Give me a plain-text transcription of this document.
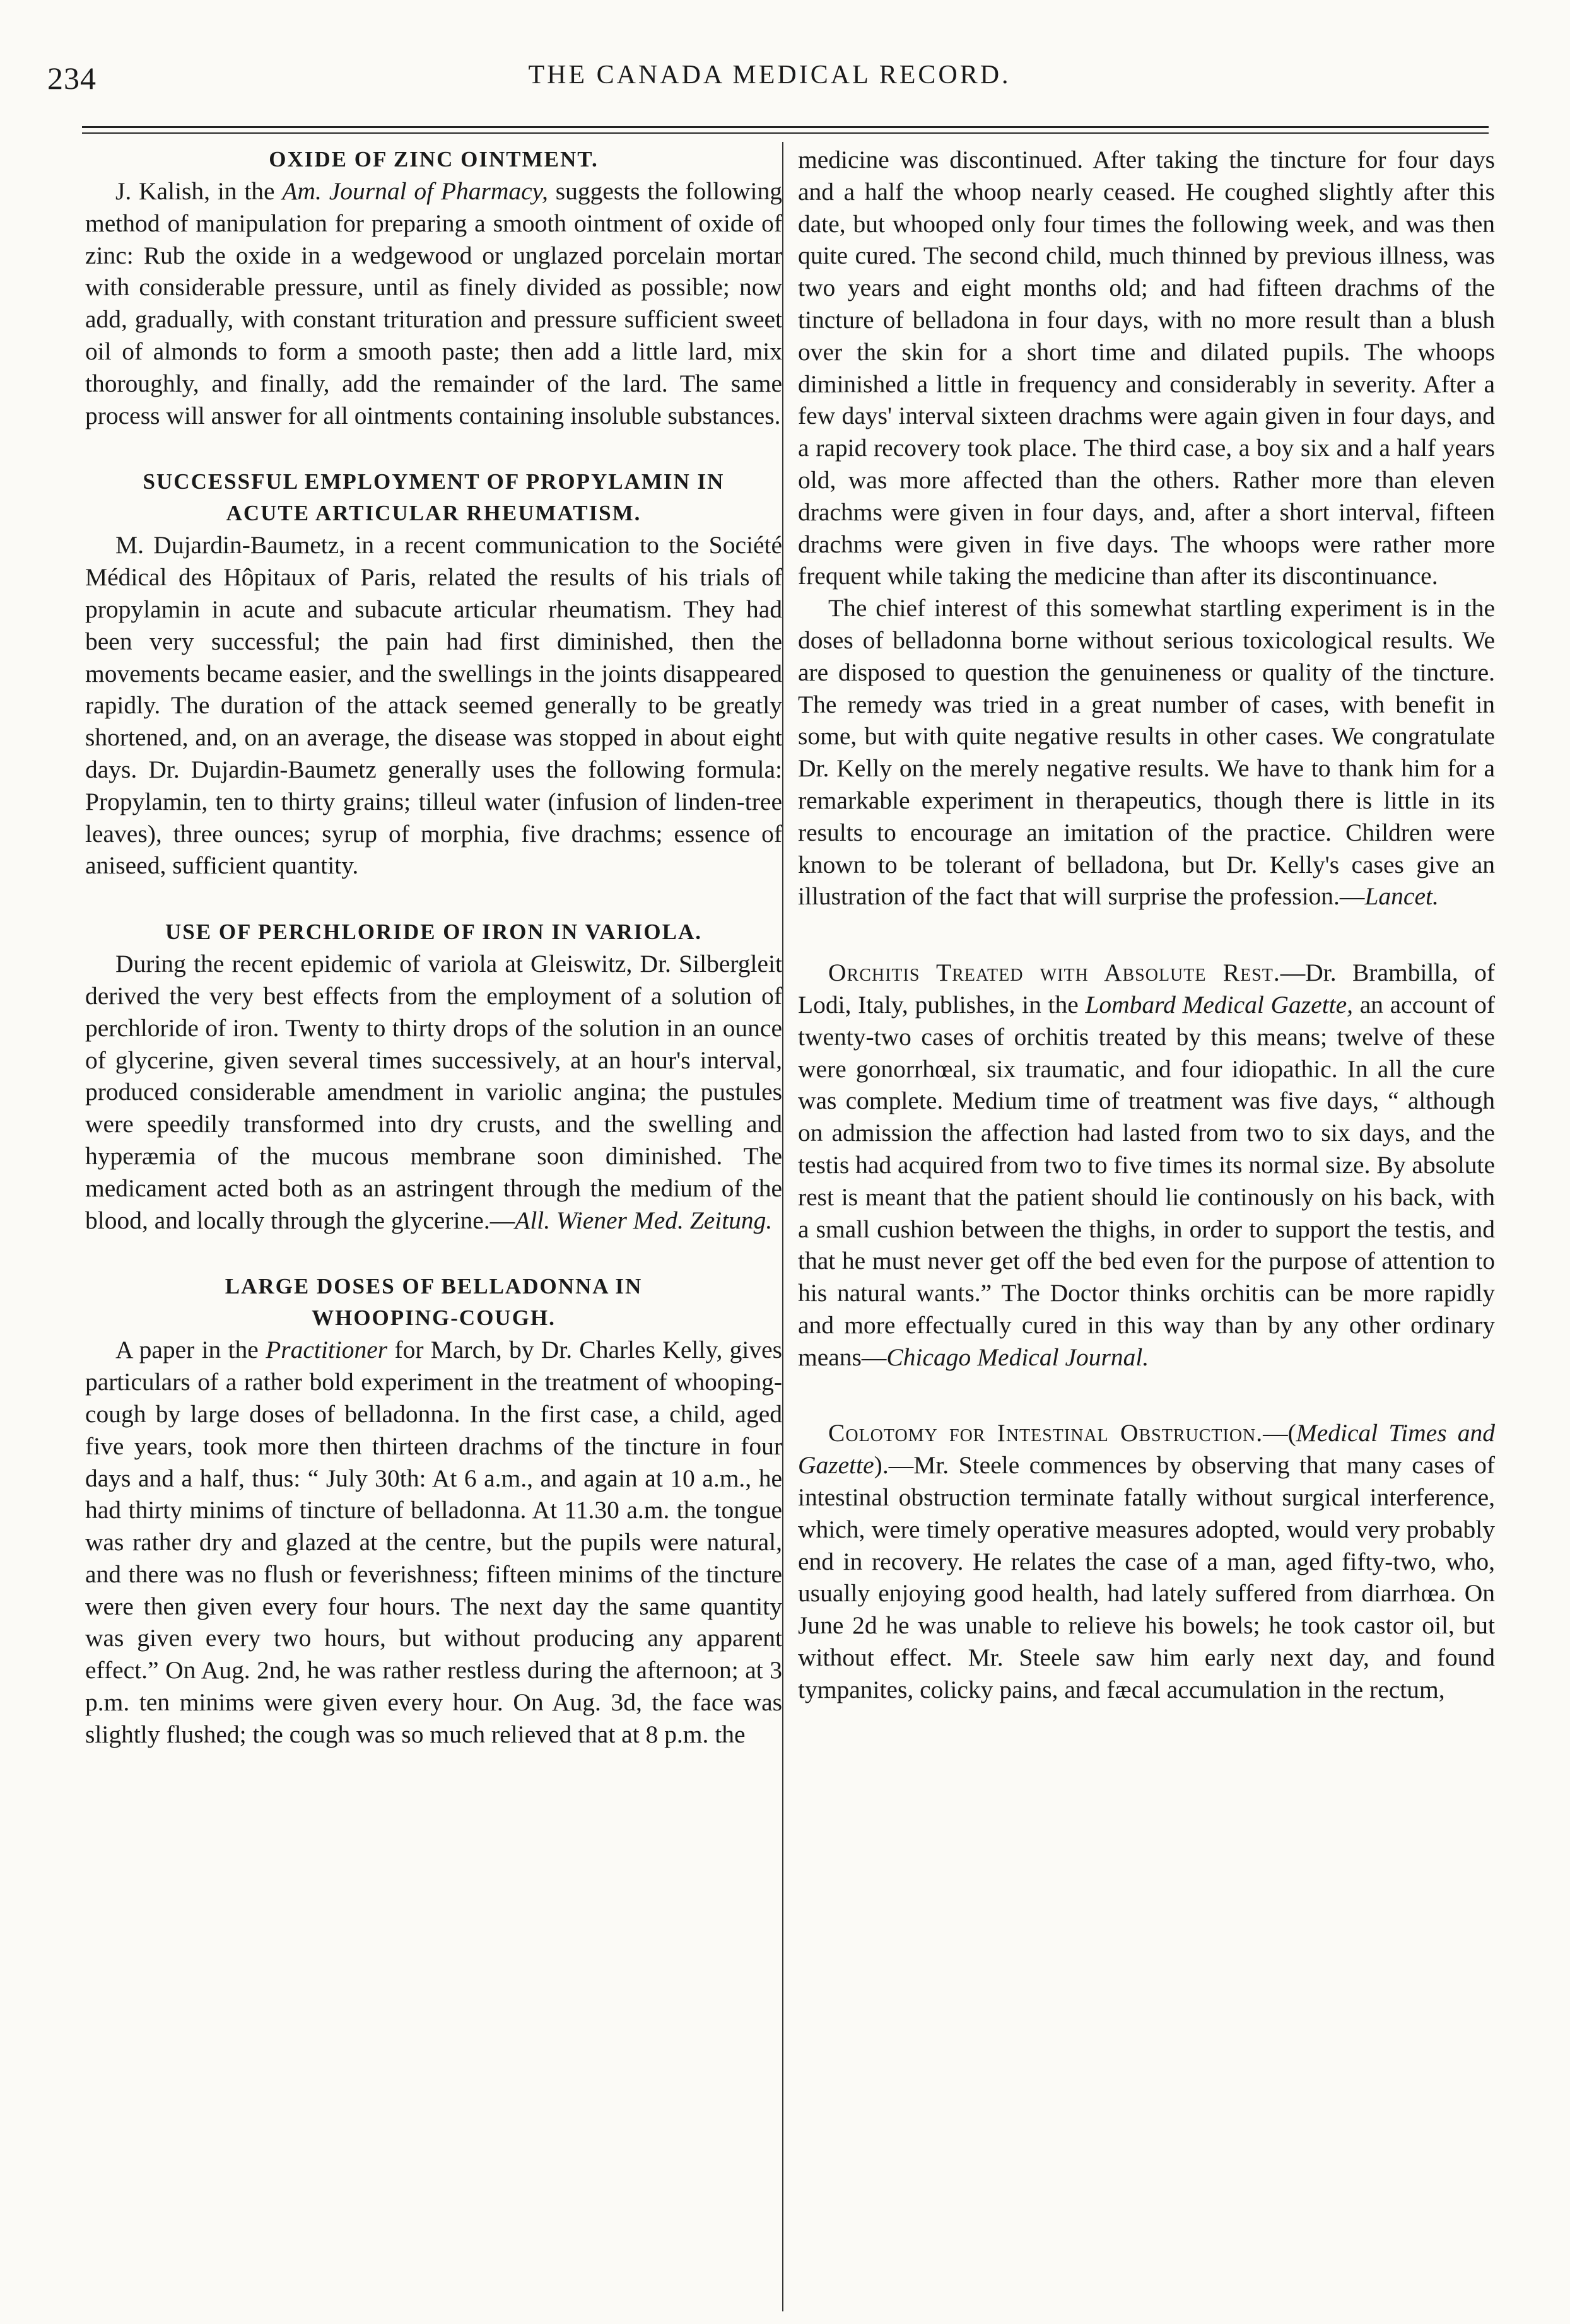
234	THE CANADA MEDICAL RECORD.
OXIDE OF ZINC OINTMENT.

J. Kalish, in the Am. Journal of Pharmacy, suggests the following method of manipulation for preparing a smooth ointment of oxide of zinc: Rub the oxide in a wedgewood or unglazed porcelain mortar with considerable pressure, until as finely divided as possible; now add, gradually, with constant trituration and pressure sufficient sweet oil of almonds to form a smooth paste; then add a little lard, mix thoroughly, and finally, add the remainder of the lard. The same process will answer for all ointments containing insoluble substances.

SUCCESSFUL EMPLOYMENT OF PROPYLAMIN IN
ACUTE ARTICULAR RHEUMATISM.

M. Dujardin-Baumetz, in a recent communication to the Société Médical des Hôpitaux of Paris, related the results of his trials of propylamin in acute and subacute articular rheumatism. They had been very successful; the pain had first diminished, then the movements became easier, and the swellings in the joints disappeared rapidly. The duration of the attack seemed generally to be greatly shortened, and, on an average, the disease was stopped in about eight days. Dr. Dujardin-Baumetz generally uses the following formula: Propylamin, ten to thirty grains; tilleul water (infusion of linden-tree leaves), three ounces; syrup of morphia, five drachms; essence of aniseed, sufficient quantity.

USE OF PERCHLORIDE OF IRON IN VARIOLA.

During the recent epidemic of variola at Gleiswitz, Dr. Silbergleit derived the very best effects from the employment of a solution of perchloride of iron. Twenty to thirty drops of the solution in an ounce of glycerine, given several times successively, at an hour's interval, produced considerable amendment in variolic angina; the pustules were speedily transformed into dry crusts, and the swelling and hyperæmia of the mucous membrane soon diminished. The medicament acted both as an astringent through the medium of the blood, and locally through the glycerine.—All. Wiener Med. Zeitung.

LARGE DOSES OF BELLADONNA IN
WHOOPING-COUGH.

A paper in the Practitioner for March, by Dr. Charles Kelly, gives particulars of a rather bold experiment in the treatment of whooping-cough by large doses of belladonna. In the first case, a child, aged five years, took more then thirteen drachms of the tincture in four days and a half, thus: “ July 30th: At 6 a.m., and again at 10 a.m., he had thirty minims of tincture of belladonna. At 11.30 a.m. the tongue was rather dry and glazed at the centre, but the pupils were natural, and there was no flush or feverishness; fifteen minims of the tincture were then given every four hours. The next day the same quantity was given every two hours, but without producing any apparent effect.” On Aug. 2nd, he was rather restless during the afternoon; at 3 p.m. ten minims were given every hour. On Aug. 3d, the face was slightly flushed; the cough was so much relieved that at 8 p.m. the

medicine was discontinued. After taking the tincture for four days and a half the whoop nearly ceased. He coughed slightly after this date, but whooped only four times the following week, and was then quite cured. The second child, much thinned by previous illness, was two years and eight months old; and had fifteen drachms of the tincture of belladona in four days, with no more result than a blush over the skin for a short time and dilated pupils. The whoops diminished a little in frequency and considerably in severity. After a few days' interval sixteen drachms were again given in four days, and a rapid recovery took place. The third case, a boy six and a half years old, was more affected than the others. Rather more than eleven drachms were given in four days, and, after a short interval, fifteen drachms were given in five days. The whoops were rather more frequent while taking the medicine than after its discontinuance.

The chief interest of this somewhat startling experiment is in the doses of belladonna borne without serious toxicological results. We are disposed to question the genuineness or quality of the tincture. The remedy was tried in a great number of cases, with benefit in some, but with quite negative results in other cases. We congratulate Dr. Kelly on the merely negative results. We have to thank him for a remarkable experiment in therapeutics, though there is little in its results to encourage an imitation of the practice. Children were known to be tolerant of belladona, but Dr. Kelly's cases give an illustration of the fact that will surprise the profession.—Lancet.

Orchitis Treated with Absolute Rest.—Dr. Brambilla, of Lodi, Italy, publishes, in the Lombard Medical Gazette, an account of twenty-two cases of orchitis treated by this means; twelve of these were gonorrhœal, six traumatic, and four idiopathic. In all the cure was complete. Medium time of treatment was five days, “ although on admission the affection had lasted from two to six days, and the testis had acquired from two to five times its normal size. By absolute rest is meant that the patient should lie continously on his back, with a small cushion between the thighs, in order to support the testis, and that he must never get off the bed even for the purpose of attention to his natural wants.” The Doctor thinks orchitis can be more rapidly and more effectually cured in this way than by any other ordinary means—Chicago Medical Journal.

Colotomy for Intestinal Obstruction.—(Medical Times and Gazette).—Mr. Steele commences by observing that many cases of intestinal obstruction terminate fatally without surgical interference, which, were timely operative measures adopted, would very probably end in recovery. He relates the case of a man, aged fifty-two, who, usually enjoying good health, had lately suffered from diarrhœa. On June 2d he was unable to relieve his bowels; he took castor oil, but without effect. Mr. Steele saw him early next day, and found tympanites, colicky pains, and fæcal accumulation in the rectum,
